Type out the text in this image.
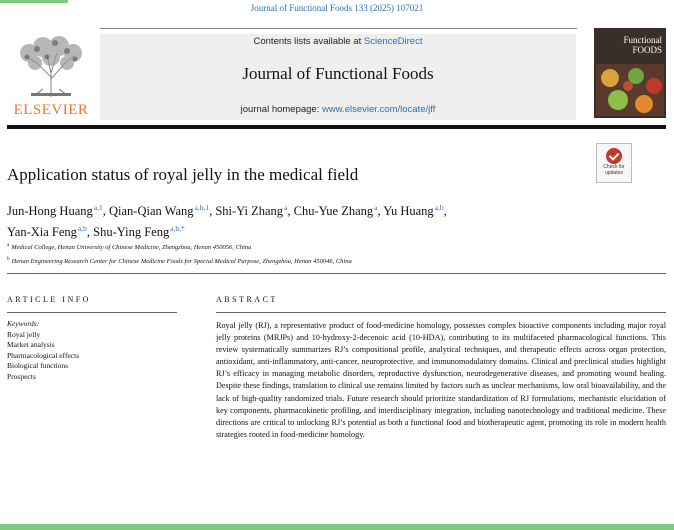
Journal of Functional Foods 133 (2025) 107021
ELSEVIER
Contents lists available at ScienceDirect
Journal of Functional Foods
journal homepage: www.elsevier.com/locate/jff
Functional
FOODS
Check for
updates
Application status of royal jelly in the medical field
Jun-Hong Huang$^{a,1}$, Qian-Qian Wang$^{a,b,1}$, Shi-Yi Zhang$^a$, Chu-Yue Zhang$^a$, Yu Huang$^{a,b}$,
Yan-Xia Feng$^{a,b}$, Shu-Ying Feng$^{a,b,*}$
$^a$ Medical College, Henan University of Chinese Medicine, Zhengzhou, Henan 450056, China
$^b$ Henan Engineering Research Center for Chinese Medicine Foods for Special Medical Purpose, Zhengzhou, Henan 450046, China
ARTICLE INFO	ABSTRACT
Keywords:
Royal jelly
Market analysis
Pharmacological effects
Biological functions
Prospects
Royal jelly (RJ), a representative product of food-medicine homology, possesses complex bioactive components including major royal jelly proteins (MRJPs) and 10-hydroxy-2-decenoic acid (10-HDA), contributing to its multifaceted pharmacological functions. This review systematically summarizes RJ’s compositional profile, analytical techniques, and therapeutic effects across organ protection, antioxidant, anti-inflammatory, anti-cancer, neuroprotective, and immunomodulatory domains. Clinical and preclinical studies highlight RJ’s efficacy in managing metabolic disorders, reproductive dysfunction, neurodegenerative diseases, and promoting wound healing. Despite these findings, translation to clinical use remains limited by factors such as unclear mechanisms, low oral bioavailability, and the lack of high-quality randomized trials. Future research should prioritize standardization of RJ formulations, mechanistic elucidation of key components, pharmacokinetic profiling, and interdisciplinary integration, including nanotechnology and traditional medicine. These directions are critical to unlocking RJ’s potential as both a functional food and biotherapeutic agent, promoting its role in modern health strategies rooted in food-medicine homology.
